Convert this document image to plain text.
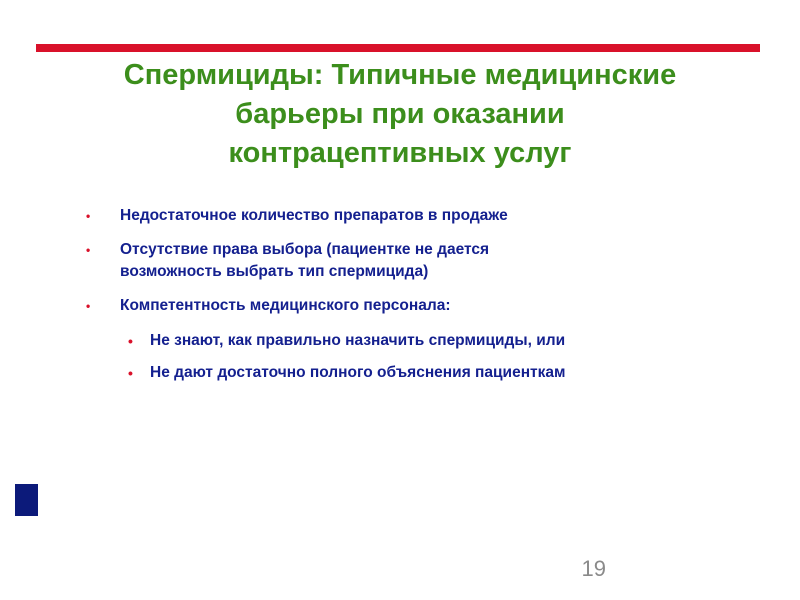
Спермициды: Типичные медицинские
барьеры при оказании
контрацептивных услуг
• Недостаточное количество препаратов в продаже
• Отсутствие права выбора (пациентке не дается
возможность выбрать тип спермицида)
• Компетентность медицинского персонала:
• Не знают, как правильно назначить спермициды, или
• Не дают достаточно полного объяснения пациенткам
19
